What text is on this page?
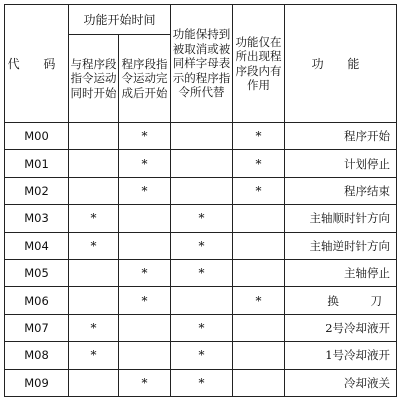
代 码	功能开始时间		功能保持到被取消或被同样字母表示的程序指令所代替	功能仅在所出现程序段内有作用	功 能
	与程序段指令运动同时开始	程序段指令运动完成后开始			
M00		*		*	程序开始
M01		*		*	计划停止
M02		*		*	程序结束
M03	*		*		主轴顺时针方向
M04	*		*		主轴逆时针方向
M05		*	*		主轴停止
M06		*		*	换 刀
M07	*		*		2号冷却液开
M08	*		*		1号冷却液开
M09		*	*		冷却液关
